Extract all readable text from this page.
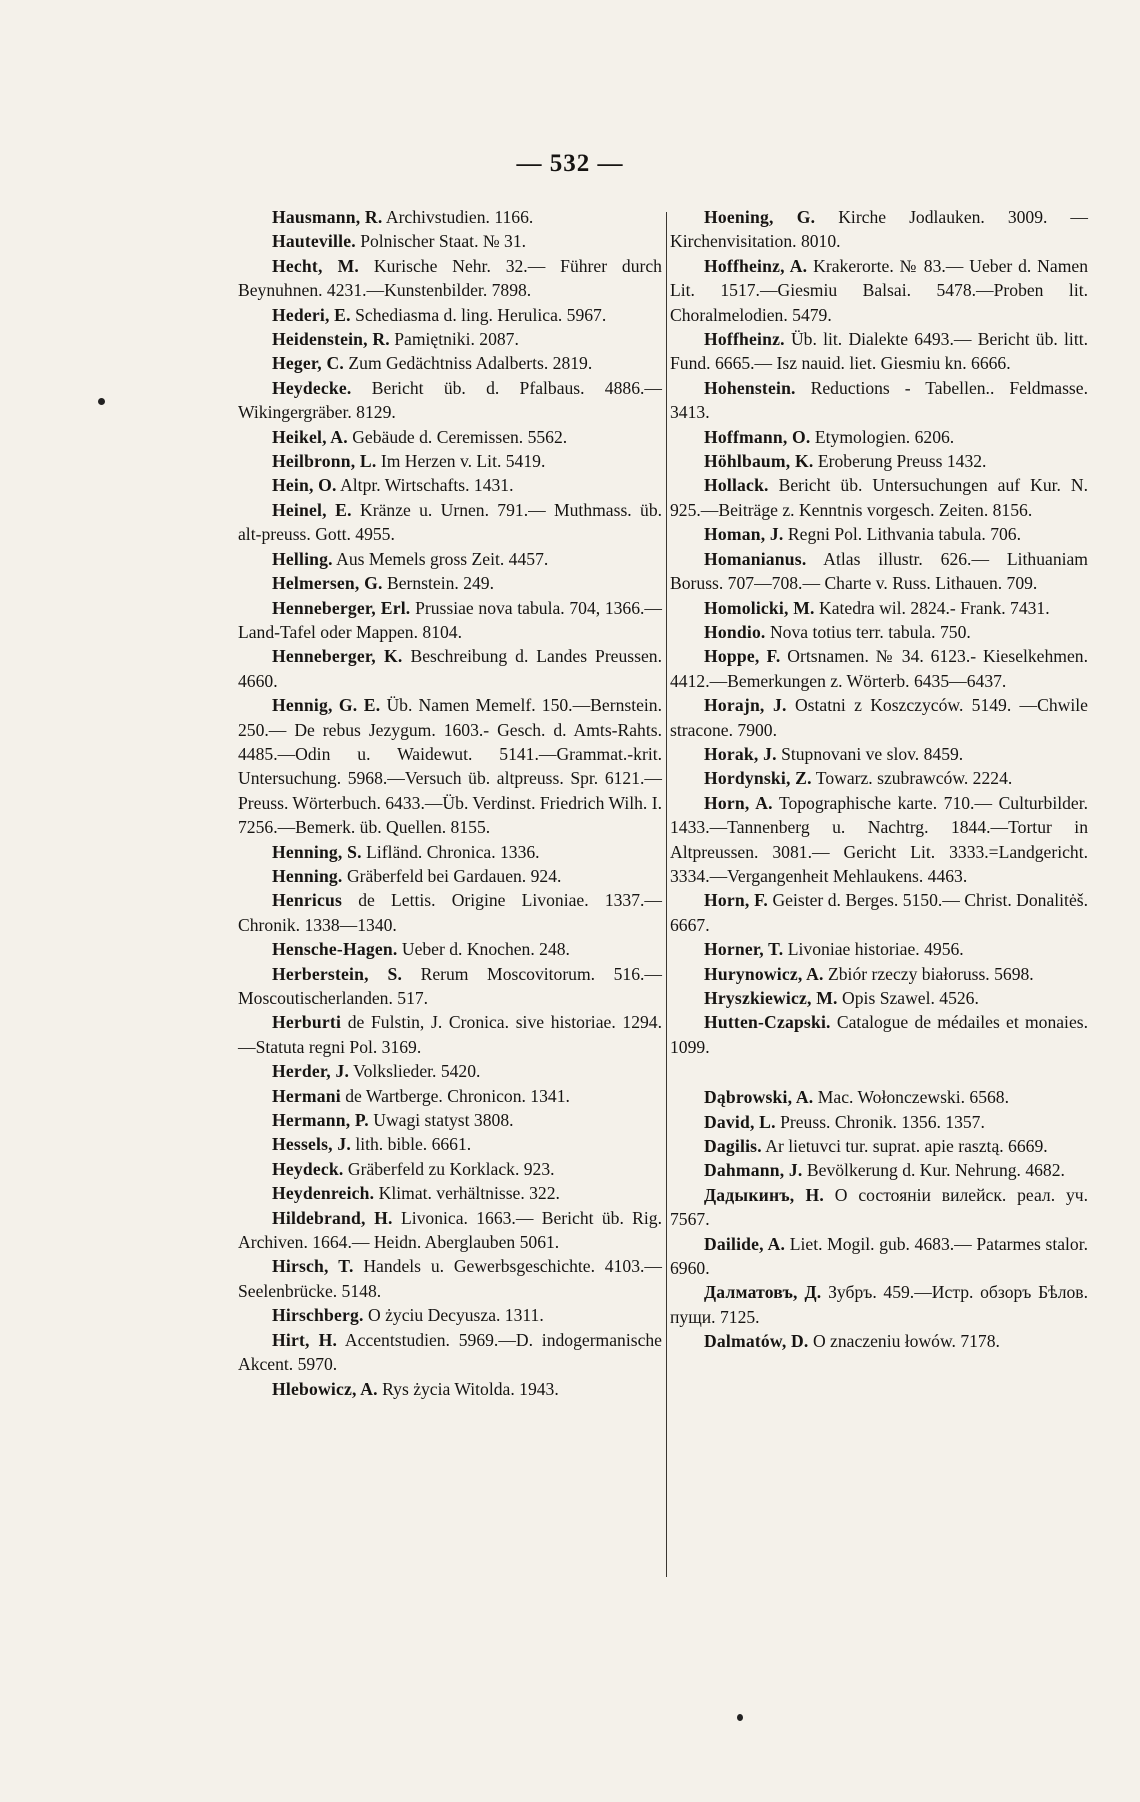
— 532 —

Hausmann, R. Archivstudien. 1166.

Hauteville. Polnischer Staat. № 31.

Hecht, M. Kurische Nehr. 32.— Führer durch Beynuhnen. 4231.—Kunstenbilder. 7898.

Hederi, E. Schediasma d. ling. Herulica. 5967.

Heidenstein, R. Pamiętniki. 2087.

Heger, C. Zum Gedächtniss Adalberts. 2819.

Heydecke. Bericht üb. d. Pfalbaus. 4886.—Wikingergräber. 8129.

Heikel, A. Gebäude d. Ceremissen. 5562.

Heilbronn, L. Im Herzen v. Lit. 5419.

Hein, O. Altpr. Wirtschafts. 1431.

Heinel, E. Kränze u. Urnen. 791.— Muthmass. üb. alt-preuss. Gott. 4955.

Helling. Aus Memels gross Zeit. 4457.

Helmersen, G. Bernstein. 249.

Henneberger, Erl. Prussiae nova tabula. 704, 1366.—Land-Tafel oder Mappen. 8104.

Henneberger, K. Beschreibung d. Landes Preussen. 4660.

Hennig, G. E. Üb. Namen Memelf. 150.—Bernstein. 250.— De rebus Jezygum. 1603.- Gesch. d. Amts-Rahts. 4485.—Odin u. Waidewut. 5141.—Grammat.-krit. Untersuchung. 5968.—Versuch üb. altpreuss. Spr. 6121.—Preuss. Wörterbuch. 6433.—Üb. Verdinst. Friedrich Wilh. I. 7256.—Bemerk. üb. Quellen. 8155.

Henning, S. Lifländ. Chronica. 1336.

Henning. Gräberfeld bei Gardauen. 924.

Henricus de Lettis. Origine Livoniae. 1337.—Chronik. 1338—1340.

Hensche-Hagen. Ueber d. Knochen. 248.

Herberstein, S. Rerum Moscovitorum. 516.—Moscoutischerlanden. 517.

Herburti de Fulstin, J. Cronica. sive historiae. 1294.—Statuta regni Pol. 3169.

Herder, J. Volkslieder. 5420.

Hermani de Wartberge. Chronicon. 1341.

Hermann, P. Uwagi statyst 3808.

Hessels, J. lith. bible. 6661.

Heydeck. Gräberfeld zu Korklack. 923.

Heydenreich. Klimat. verhältnisse. 322.

Hildebrand, H. Livonica. 1663.— Bericht üb. Rig. Archiven. 1664.— Heidn. Aberglauben 5061.

Hirsch, T. Handels u. Gewerbsgeschichte. 4103.—Seelenbrücke. 5148.

Hirschberg. O życiu Decyusza. 1311.

Hirt, H. Accentstudien. 5969.—D. indogermanische Akcent. 5970.

Hlebowicz, A. Rys życia Witolda. 1943.

Hoening, G. Kirche Jodlauken. 3009. —Kirchenvisitation. 8010.

Hoffheinz, A. Krakerorte. № 83.— Ueber d. Namen Lit. 1517.—Giesmiu Balsai. 5478.—Proben lit. Choralmelodien. 5479.

Hoffheinz. Üb. lit. Dialekte 6493.— Bericht üb. litt. Fund. 6665.— Isz nauid. liet. Giesmiu kn. 6666.

Hohenstein. Reductions - Tabellen.. Feldmasse. 3413.

Hoffmann, O. Etymologien. 6206.

Höhlbaum, K. Eroberung Preuss 1432.

Hollack. Bericht üb. Untersuchungen auf Kur. N. 925.—Beiträge z. Kenntnis vorgesch. Zeiten. 8156.

Homan, J. Regni Pol. Lithvania tabula. 706.

Homanianus. Atlas illustr. 626.— Lithuaniam Boruss. 707—708.— Charte v. Russ. Lithauen. 709.

Homolicki, M. Katedra wil. 2824.- Frank. 7431.

Hondio. Nova totius terr. tabula. 750.

Hoppe, F. Ortsnamen. № 34. 6123.- Kieselkehmen. 4412.—Bemerkungen z. Wörterb. 6435—6437.

Horajn, J. Ostatni z Koszczyców. 5149. —Chwile stracone. 7900.

Horak, J. Stupnovani ve slov. 8459.

Hordynski, Z. Towarz. szubrawców. 2224.

Horn, A. Topographische karte. 710.— Culturbilder. 1433.—Tannenberg u. Nachtrg. 1844.—Tortur in Altpreussen. 3081.— Gericht Lit. 3333.=Landgericht. 3334.—Vergangenheit Mehlaukens. 4463.

Horn, F. Geister d. Berges. 5150.— Christ. Donalitėš. 6667.

Horner, T. Livoniae historiae. 4956.

Hurynowicz, A. Zbiór rzeczy białoruss. 5698.

Hryszkiewicz, M. Opis Szawel. 4526.

Hutten-Czapski. Catalogue de médailes et monaies. 1099.

Dąbrowski, A. Mac. Wołonczewski. 6568.

David, L. Preuss. Chronik. 1356. 1357.

Dagilis. Ar lietuvci tur. suprat. apie rasztą. 6669.

Dahmann, J. Bevölkerung d. Kur. Nehrung. 4682.

Дадыкинъ, Н. О состоянiи вилейск. реал. уч. 7567.

Dailide, A. Liet. Mogil. gub. 4683.— Patarmes stalor. 6960.

Далматовъ, Д. Зубръ. 459.—Истр. обзоръ Бѣлов. пущи. 7125.

Dalmatów, D. O znaczeniu łowów. 7178.
